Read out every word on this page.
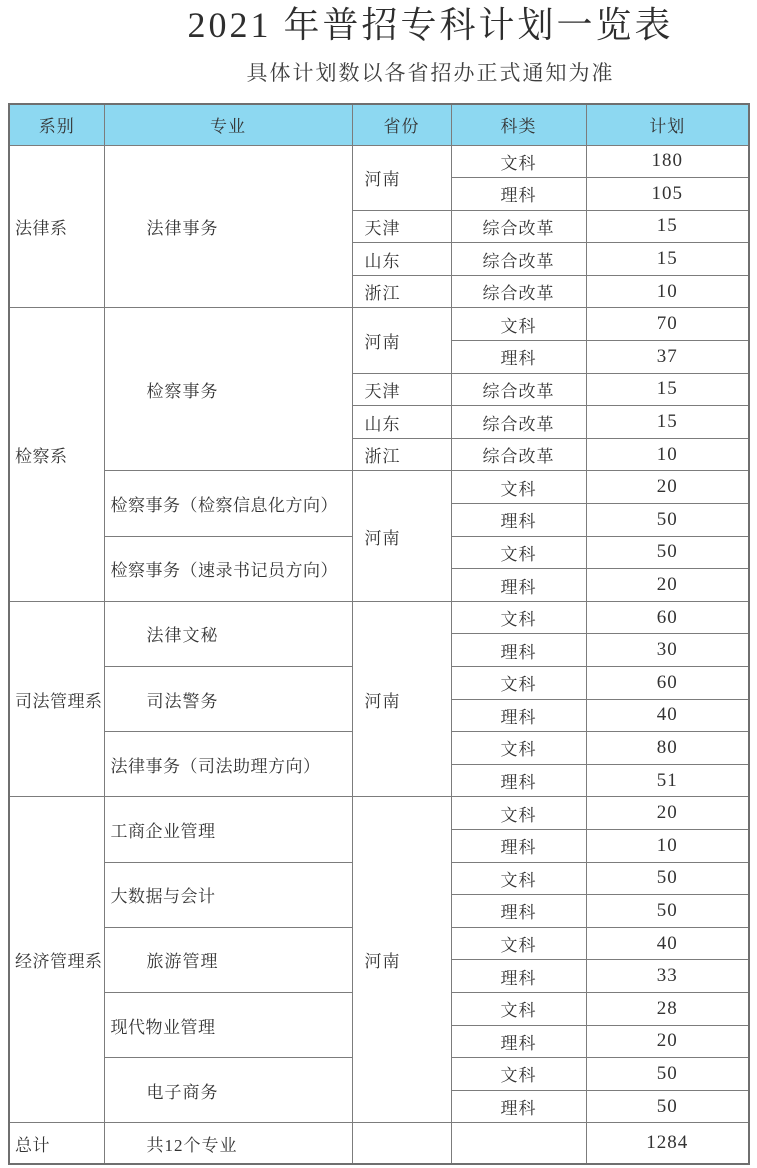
2021 年普招专科计划一览表
具体计划数以各省招办正式通知为准
系别	专业	省份	科类	计划
法律系	法律事务	河南	文科	180
			理科	105
		天津	综合改革	15
		山东	综合改革	15
		浙江	综合改革	10
检察系	检察事务	河南	文科	70
			理科	37
		天津	综合改革	15
		山东	综合改革	15
		浙江	综合改革	10
	检察事务（检察信息化方向）	河南	文科	20
			理科	50
	检察事务（速录书记员方向）		文科	50
			理科	20
司法管理系	法律文秘	河南	文科	60
			理科	30
	司法警务		文科	60
			理科	40
	法律事务（司法助理方向）		文科	80
			理科	51
经济管理系	工商企业管理	河南	文科	20
			理科	10
	大数据与会计		文科	50
			理科	50
	旅游管理		文科	40
			理科	33
	现代物业管理		文科	28
			理科	20
	电子商务		文科	50
			理科	50
总计	共12个专业			1284
